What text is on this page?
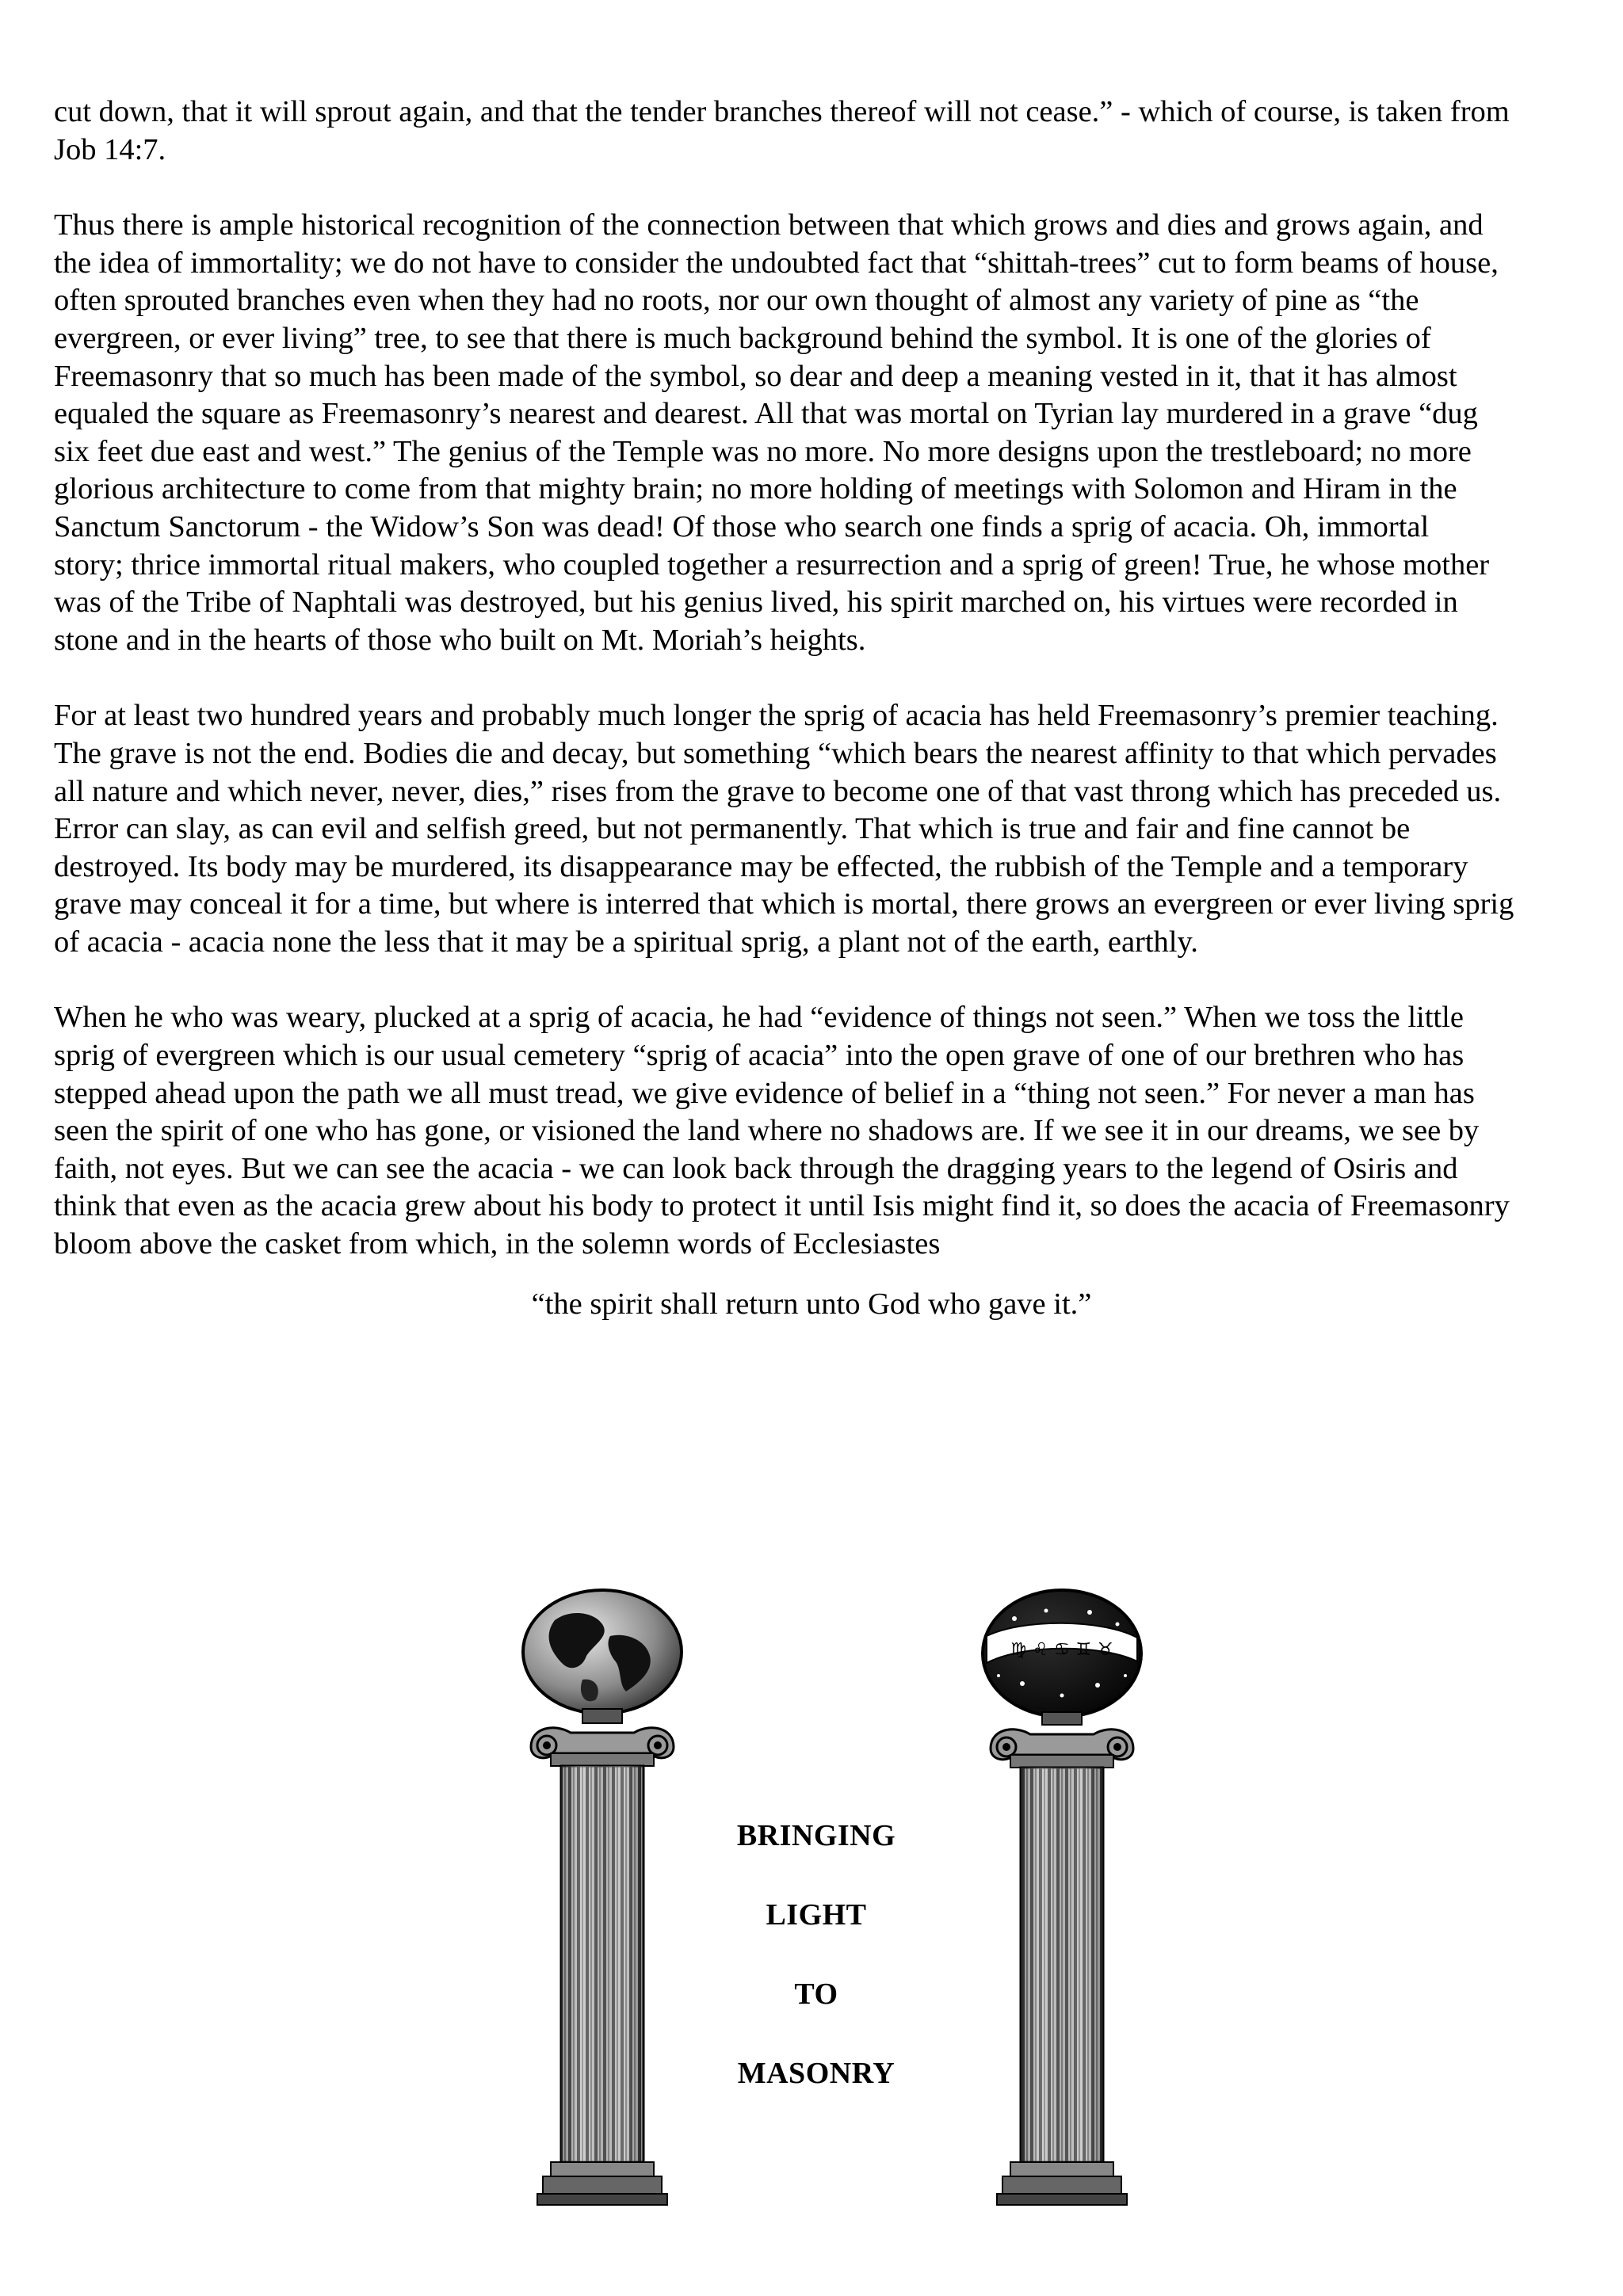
cut down, that it will sprout again, and that the tender branches thereof will not cease.” - which of course, is taken from
Job 14:7.

Thus there is ample historical recognition of the connection between that which grows and dies and grows again, and
the idea of immortality; we do not have to consider the undoubted fact that “shittah-trees” cut to form beams of house,
often sprouted branches even when they had no roots, nor our own thought of almost any variety of pine as “the
evergreen, or ever living” tree, to see that there is much background behind the symbol. It is one of the glories of
Freemasonry that so much has been made of the symbol, so dear and deep a meaning vested in it, that it has almost
equaled the square as Freemasonry’s nearest and dearest. All that was mortal on Tyrian lay murdered in a grave “dug
six feet due east and west.” The genius of the Temple was no more. No more designs upon the trestleboard; no more
glorious architecture to come from that mighty brain; no more holding of meetings with Solomon and Hiram in the
Sanctum Sanctorum - the Widow’s Son was dead! Of those who search one finds a sprig of acacia. Oh, immortal
story; thrice immortal ritual makers, who coupled together a resurrection and a sprig of green! True, he whose mother
was of the Tribe of Naphtali was destroyed, but his genius lived, his spirit marched on, his virtues were recorded in
stone and in the hearts of those who built on Mt. Moriah’s heights.

For at least two hundred years and probably much longer the sprig of acacia has held Freemasonry’s premier teaching.
The grave is not the end. Bodies die and decay, but something “which bears the nearest affinity to that which pervades
all nature and which never, never, dies,” rises from the grave to become one of that vast throng which has preceded us.
Error can slay, as can evil and selfish greed, but not permanently. That which is true and fair and fine cannot be
destroyed. Its body may be murdered, its disappearance may be effected, the rubbish of the Temple and a temporary
grave may conceal it for a time, but where is interred that which is mortal, there grows an evergreen or ever living sprig
of acacia - acacia none the less that it may be a spiritual sprig, a plant not of the earth, earthly.

When he who was weary, plucked at a sprig of acacia, he had “evidence of things not seen.” When we toss the little
sprig of evergreen which is our usual cemetery “sprig of acacia” into the open grave of one of our brethren who has
stepped ahead upon the path we all must tread, we give evidence of belief in a “thing not seen.” For never a man has
seen the spirit of one who has gone, or visioned the land where no shadows are. If we see it in our dreams, we see by
faith, not eyes. But we can see the acacia - we can look back through the dragging years to the legend of Osiris and
think that even as the acacia grew about his body to protect it until Isis might find it, so does the acacia of Freemasonry
bloom above the casket from which, in the solemn words of Ecclesiastes

“the spirit shall return unto God who gave it.”
♍ ♌ ♋ ♊ ♉
BRINGING
LIGHT
TO
MASONRY
